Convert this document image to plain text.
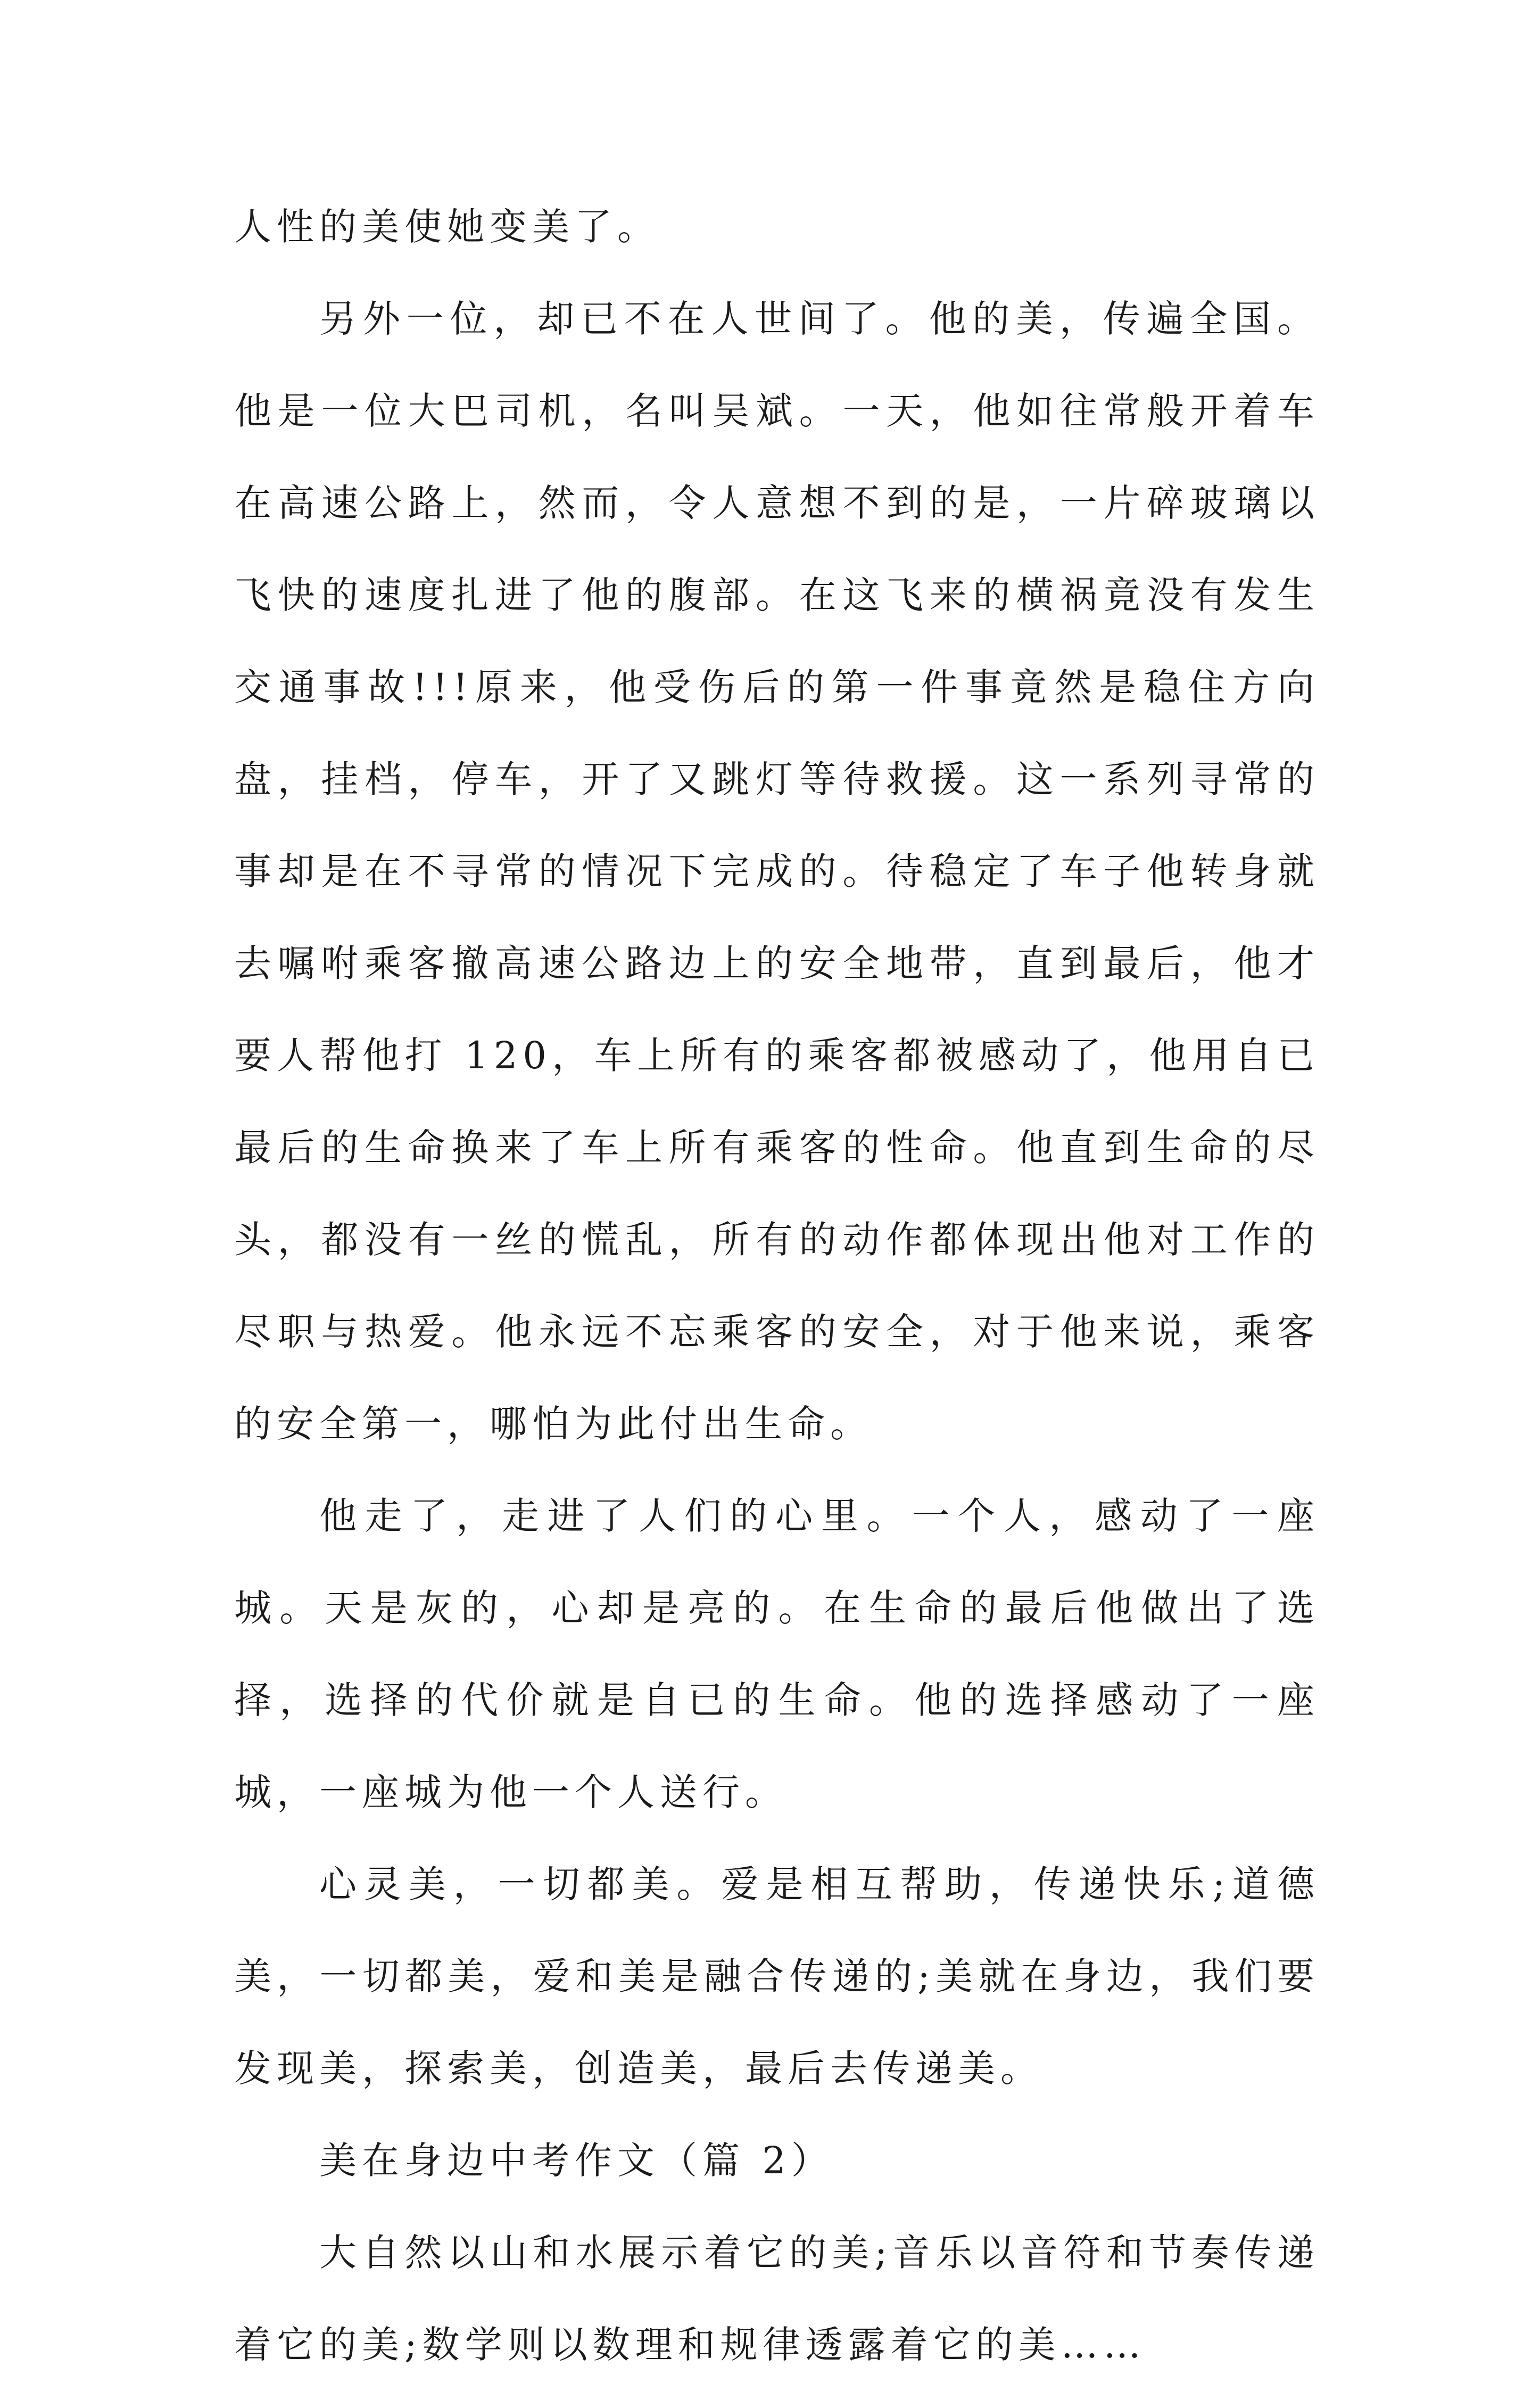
人性的美使她变美了。

另外一位，却已不在人世间了。他的美，传遍全国。他是一位大巴司机，名叫吴斌。一天，他如往常般开着车在高速公路上，然而，令人意想不到的是，一片碎玻璃以飞快的速度扎进了他的腹部。在这飞来的横祸竟没有发生交通事故!!!原来，他受伤后的第一件事竟然是稳住方向盘，挂档，停车，开了又跳灯等待救援。这一系列寻常的事却是在不寻常的情况下完成的。待稳定了车子他转身就去嘱咐乘客撤高速公路边上的安全地带，直到最后，他才要人帮他打 120，车上所有的乘客都被感动了，他用自已最后的生命换来了车上所有乘客的性命。他直到生命的尽头，都没有一丝的慌乱，所有的动作都体现出他对工作的尽职与热爱。他永远不忘乘客的安全，对于他来说，乘客的安全第一，哪怕为此付出生命。

他走了，走进了人们的心里。一个人，感动了一座城。天是灰的，心却是亮的。在生命的最后他做出了选择，选择的代价就是自已的生命。他的选择感动了一座城，一座城为他一个人送行。

心灵美，一切都美。爱是相互帮助，传递快乐;道德美，一切都美，爱和美是融合传递的;美就在身边，我们要发现美，探索美，创造美，最后去传递美。

美在身边中考作文（篇 2）

大自然以山和水展示着它的美;音乐以音符和节奏传递着它的美;数学则以数理和规律透露着它的美……
